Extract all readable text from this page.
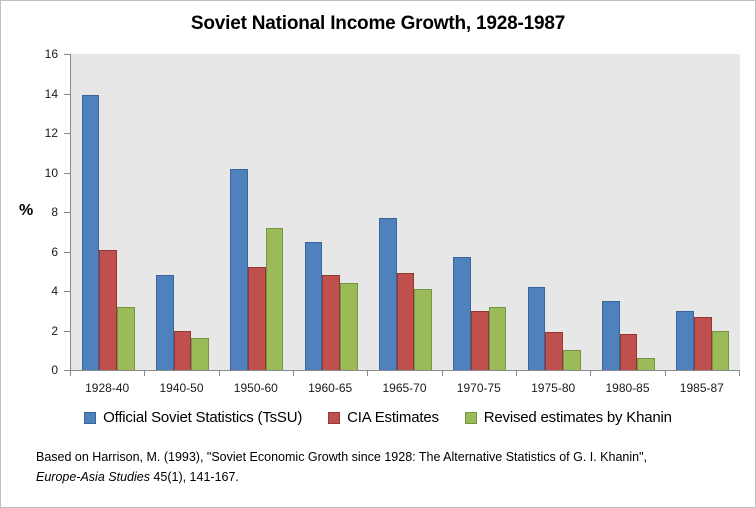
Soviet National Income Growth, 1928-1987
%
0
2
4
6
8
10
12
14
16
1928-40	1940-50	1950-60	1960-65	1965-70	1970-75	1975-80	1980-85	1985-87
Official Soviet Statistics (TsSU)	CIA Estimates	Revised estimates by Khanin
Based on Harrison, M. (1993), "Soviet Economic Growth since 1928: The Alternative Statistics of G. I. Khanin",
Europe-Asia Studies 45(1), 141-167.
